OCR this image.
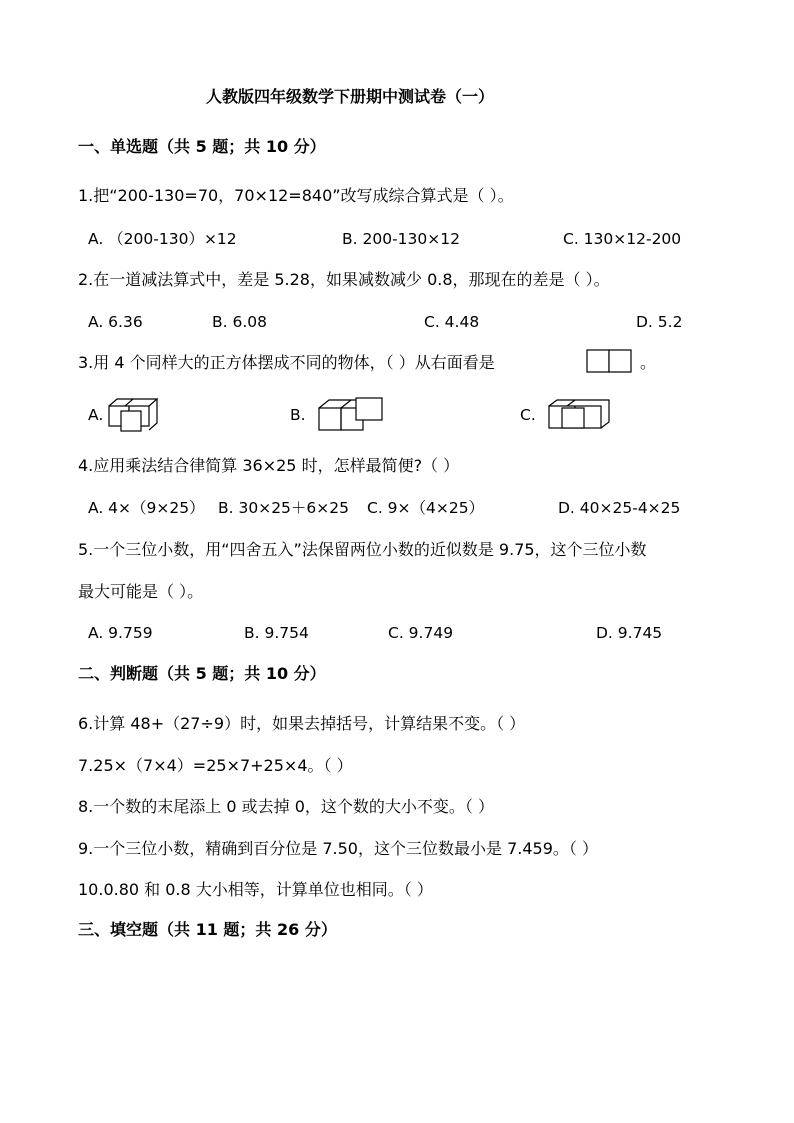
人教版四年级数学下册期中测试卷（一）
一、单选题（共 5 题；共 10 分）
1.把“200-130=70，70×12=840”改写成综合算式是（ ）。
A. （200-130）×12	B. 200-130×12	C. 130×12-200
2.在一道减法算式中，差是 5.28，如果减数减少 0.8，那现在的差是（ ）。
A. 6.36	B. 6.08	C. 4.48	D. 5.2
3.用 4 个同样大的正方体摆成不同的物体，（ ）从右面看是	。
A.	B.	C.
4.应用乘法结合律简算 36×25 时，怎样最简便?（ ）
A. 4×（9×25） B. 30×25＋6×25 C. 9×（4×25）	D. 40×25-4×25
5.一个三位小数，用“四舍五入”法保留两位小数的近似数是 9.75，这个三位小数
最大可能是（ ）。
A. 9.759	B. 9.754	C. 9.749	D. 9.745
二、判断题（共 5 题；共 10 分）
6.计算 48+（27÷9）时，如果去掉括号，计算结果不变。（ ）
7.25×（7×4）=25×7+25×4。（ ）
8.一个数的末尾添上 0 或去掉 0，这个数的大小不变。（ ）
9.一个三位小数，精确到百分位是 7.50，这个三位数最小是 7.459。（ ）
10.0.80 和 0.8 大小相等，计算单位也相同。（ ）
三、填空题（共 11 题；共 26 分）
